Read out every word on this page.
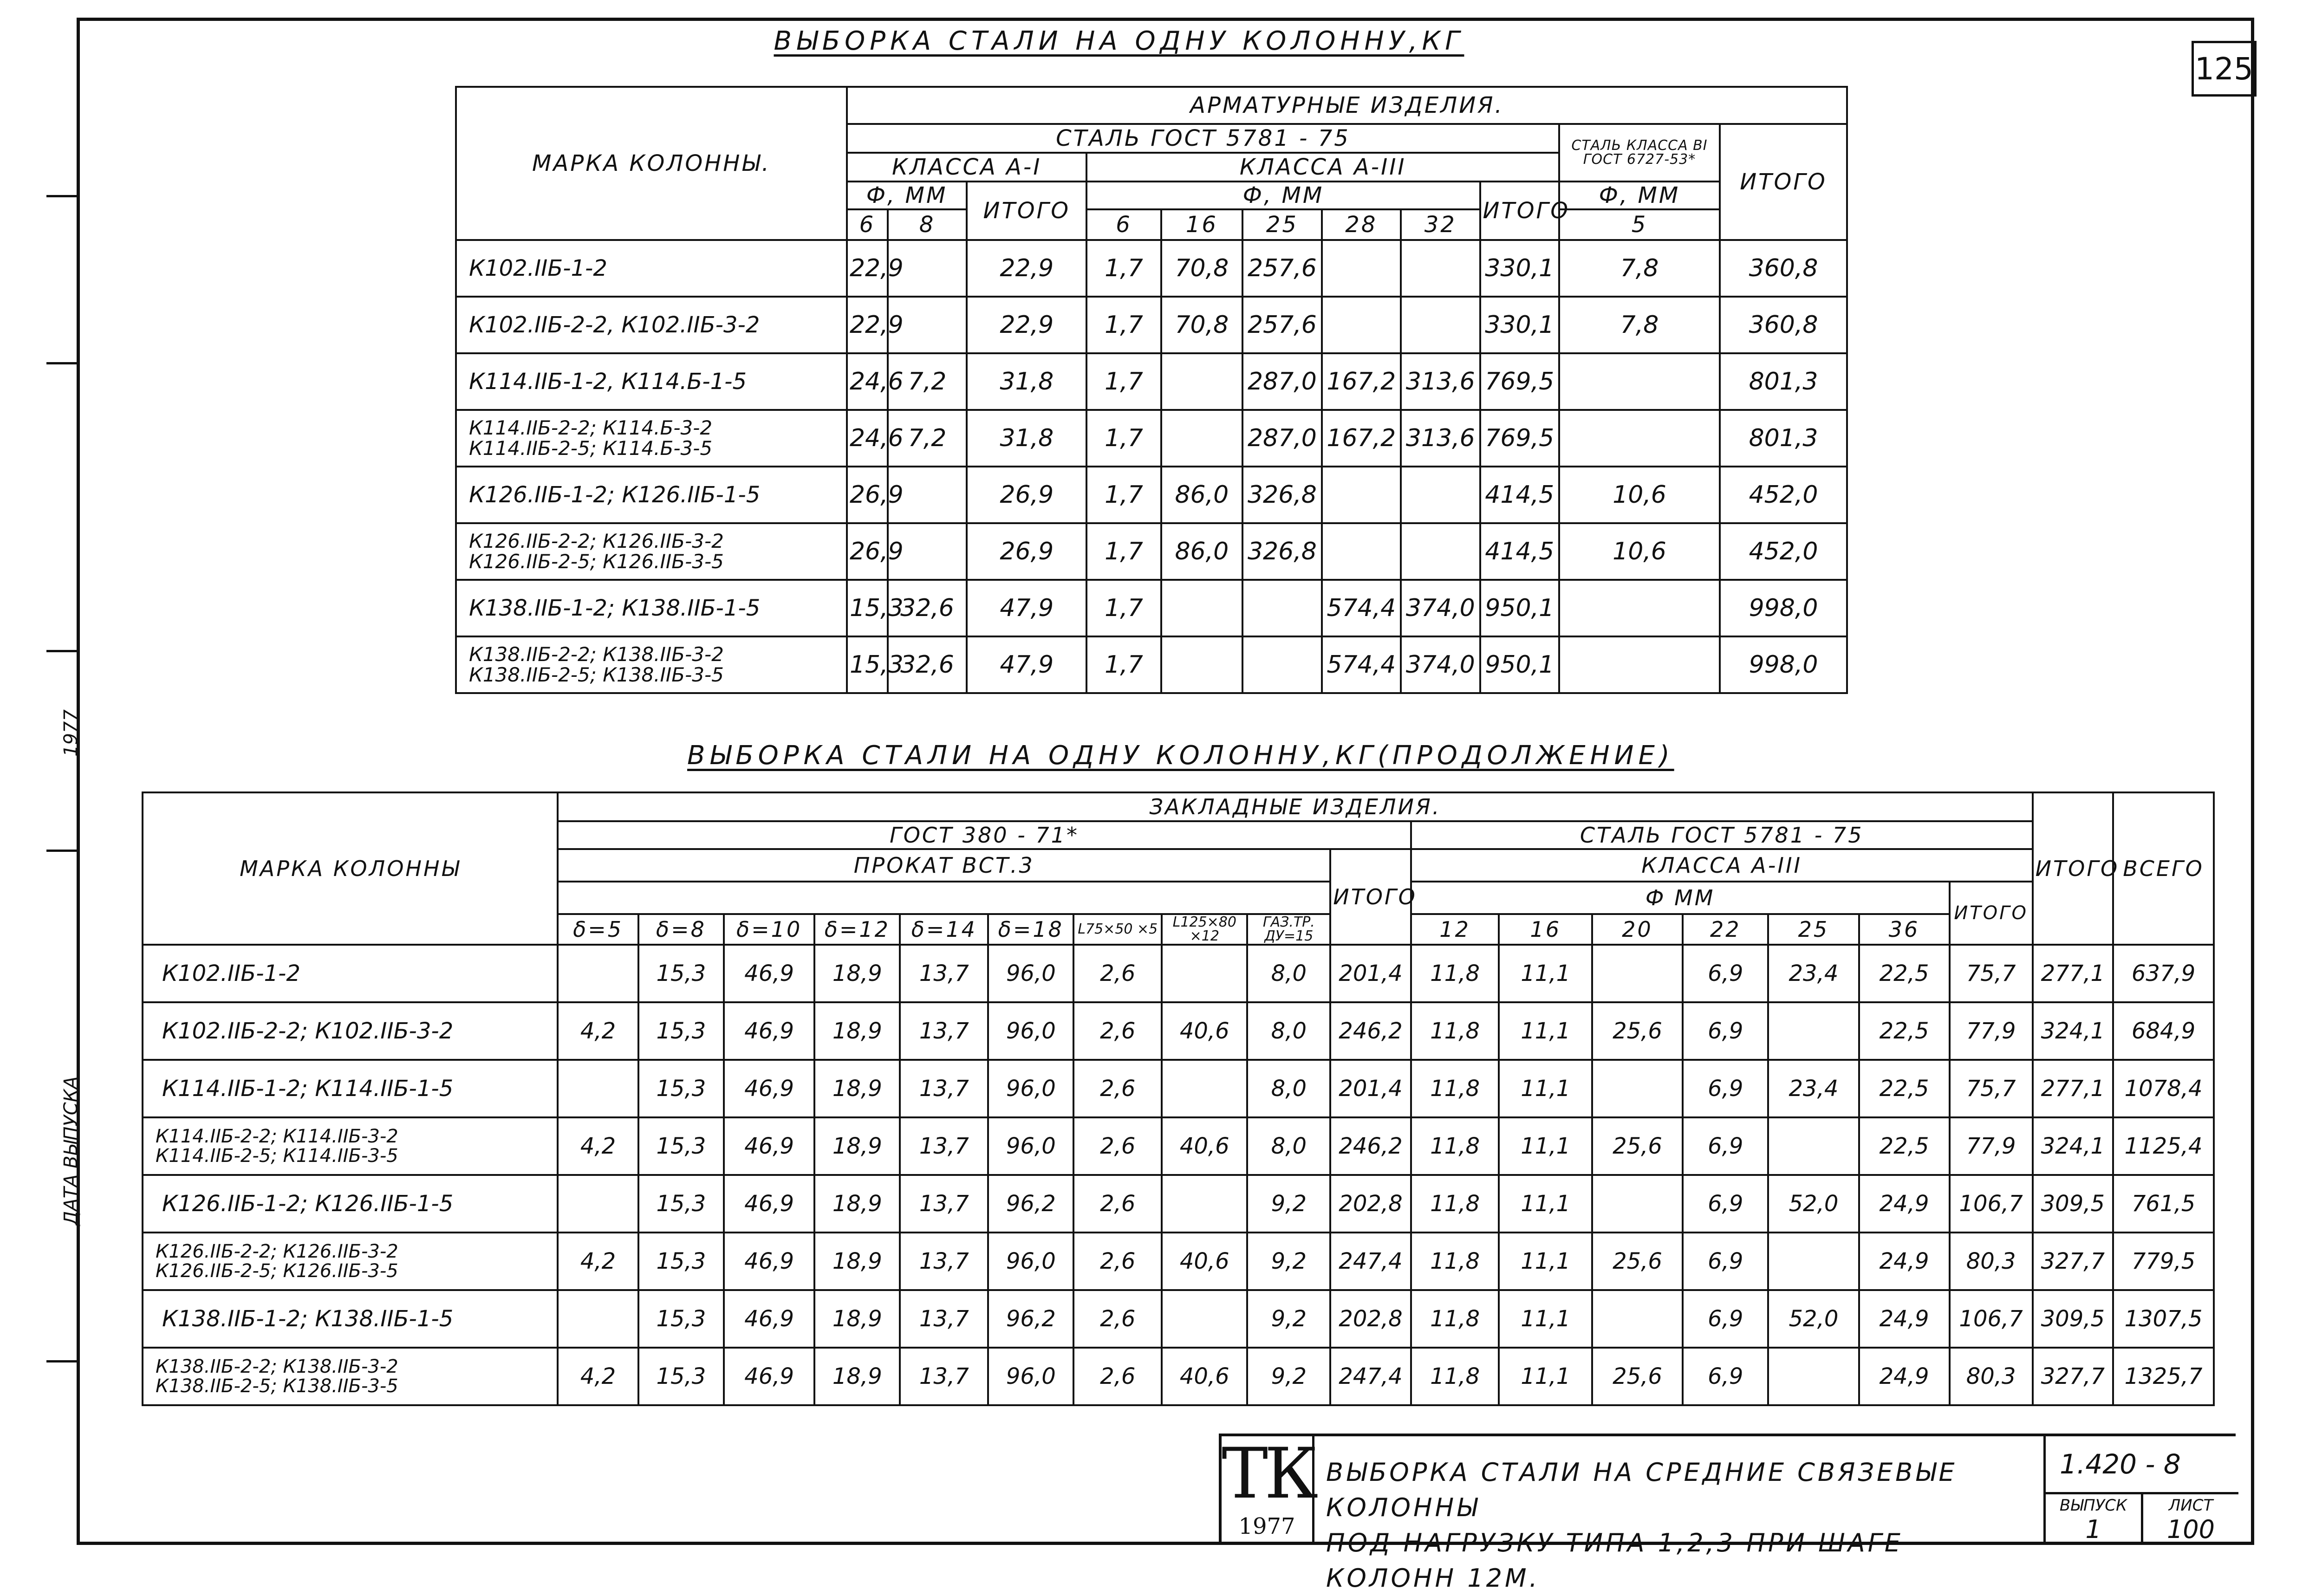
1977
ДАТА ВЫПУСКА
125
ВЫБОРКА СТАЛИ НА ОДНУ КОЛОННУ,КГ
МАРКА КОЛОННЫ.	АРМАТУРНЫЕ ИЗДЕЛИЯ.										
	СТАЛЬ ГОСТ 5781 - 75									СТАЛЬ КЛАССА ВI ГОСТ 6727-53*	ИТОГО
	КЛАССА А-I			КЛАССА А-III							
	Ф, ММ		ИТОГО	Ф, ММ					ИТОГО	Ф, ММ	
	6	8		6	16	25	28	32		5	

К102.IIБ-1-2	22,9		22,9	1,7	70,8	257,6			330,1	7,8	360,8

К102.IIБ-2-2, К102.IIБ-3-2	22,9		22,9	1,7	70,8	257,6			330,1	7,8	360,8

К114.IIБ-1-2, К114.Б-1-5	24,6	7,2	31,8	1,7		287,0	167,2	313,6	769,5		801,3

К114.IIБ-2-2; К114.Б-3-2
К114.IIБ-2-5; К114.Б-3-5	24,6	7,2	31,8	1,7		287,0	167,2	313,6	769,5		801,3

К126.IIБ-1-2; К126.IIБ-1-5	26,9		26,9	1,7	86,0	326,8			414,5	10,6	452,0

К126.IIБ-2-2; К126.IIБ-3-2
К126.IIБ-2-5; К126.IIБ-3-5	26,9		26,9	1,7	86,0	326,8			414,5	10,6	452,0

К138.IIБ-1-2; К138.IIБ-1-5	15,3	32,6	47,9	1,7			574,4	374,0	950,1		998,0

К138.IIБ-2-2; К138.IIБ-3-2
К138.IIБ-2-5; К138.IIБ-3-5	15,3	32,6	47,9	1,7			574,4	374,0	950,1		998,0
ВЫБОРКА СТАЛИ НА ОДНУ КОЛОННУ,КГ(ПРОДОЛЖЕНИЕ)
МАРКА КОЛОННЫ	ЗАКЛАДНЫЕ ИЗДЕЛИЯ.																	ИТОГО	ВСЕГО
	ГОСТ 380 - 71*										СТАЛЬ ГОСТ 5781 - 75								
	ПРОКАТ ВСТ.3									ИТОГО	КЛАССА А-III								
											Ф ММ						ИТОГО		
	δ=5	δ=8	δ=10	δ=12	δ=14	δ=18	L75×50 ×5	L125×80 ×12	ГАЗ.ТР. ДУ=15		12	16	20	22	25	36			

К102.IIБ-1-2		15,3	46,9	18,9	13,7	96,0	2,6		8,0	201,4	11,8	11,1		6,9	23,4	22,5	75,7	277,1	637,9

К102.IIБ-2-2; К102.IIБ-3-2	4,2	15,3	46,9	18,9	13,7	96,0	2,6	40,6	8,0	246,2	11,8	11,1	25,6	6,9		22,5	77,9	324,1	684,9

К114.IIБ-1-2; К114.IIБ-1-5		15,3	46,9	18,9	13,7	96,0	2,6		8,0	201,4	11,8	11,1		6,9	23,4	22,5	75,7	277,1	1078,4

К114.IIБ-2-2; К114.IIБ-3-2
К114.IIБ-2-5; К114.IIБ-3-5	4,2	15,3	46,9	18,9	13,7	96,0	2,6	40,6	8,0	246,2	11,8	11,1	25,6	6,9		22,5	77,9	324,1	1125,4

К126.IIБ-1-2; К126.IIБ-1-5		15,3	46,9	18,9	13,7	96,2	2,6		9,2	202,8	11,8	11,1		6,9	52,0	24,9	106,7	309,5	761,5

К126.IIБ-2-2; К126.IIБ-3-2
К126.IIБ-2-5; К126.IIБ-3-5	4,2	15,3	46,9	18,9	13,7	96,0	2,6	40,6	9,2	247,4	11,8	11,1	25,6	6,9		24,9	80,3	327,7	779,5

К138.IIБ-1-2; К138.IIБ-1-5		15,3	46,9	18,9	13,7	96,2	2,6		9,2	202,8	11,8	11,1		6,9	52,0	24,9	106,7	309,5	1307,5

К138.IIБ-2-2; К138.IIБ-3-2
К138.IIБ-2-5; К138.IIБ-3-5	4,2	15,3	46,9	18,9	13,7	96,0	2,6	40,6	9,2	247,4	11,8	11,1	25,6	6,9		24,9	80,3	327,7	1325,7
ТК
1977
ВЫБОРКА СТАЛИ НА СРЕДНИЕ СВЯЗЕВЫЕ КОЛОННЫ
ПОД НАГРУЗКУ ТИПА 1,2,3 ПРИ ШАГЕ КОЛОНН 12М.
1.420 - 8
ВЫПУСК
1
ЛИСТ
100
